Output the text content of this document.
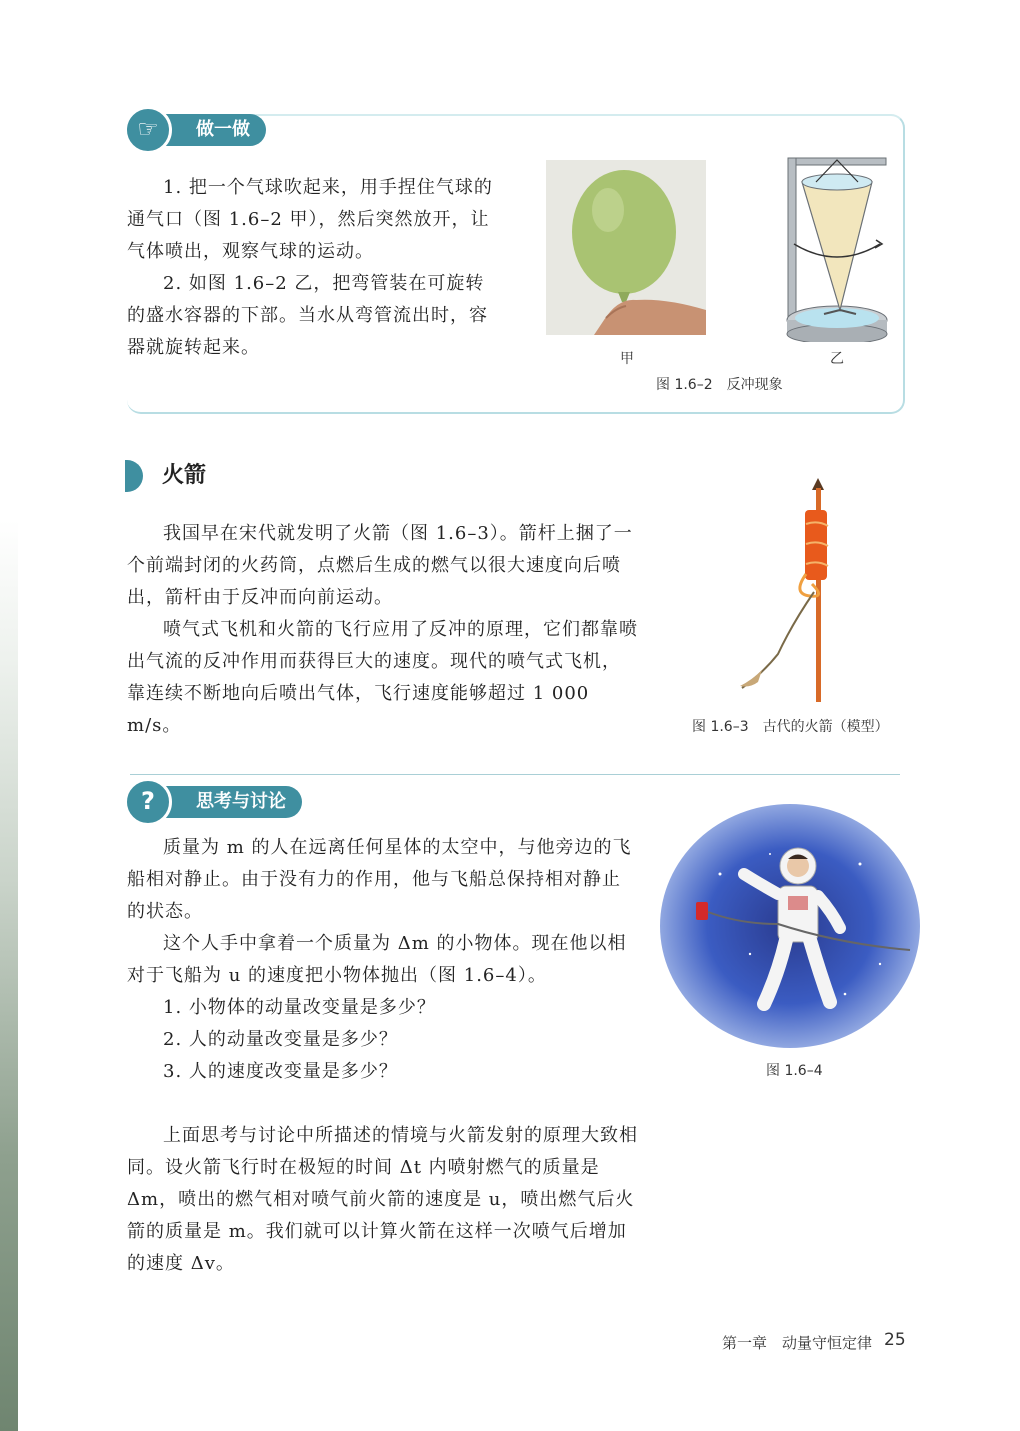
做一做
☞

1. 把一个气球吹起来，用手捏住气球的通气口（图 1.6–2 甲），然后突然放开，让气体喷出，观察气球的运动。

2. 如图 1.6–2 乙，把弯管装在可旋转的盛水容器的下部。当水从弯管流出时，容器就旋转起来。

甲	乙
图 1.6–2　反冲现象
火箭

我国早在宋代就发明了火箭（图 1.6–3）。箭杆上捆了一个前端封闭的火药筒，点燃后生成的燃气以很大速度向后喷出，箭杆由于反冲而向前运动。

喷气式飞机和火箭的飞行应用了反冲的原理，它们都靠喷出气流的反冲作用而获得巨大的速度。现代的喷气式飞机，靠连续不断地向后喷出气体，飞行速度能够超过 1 000 m/s。	图 1.6–3　古代的火箭（模型）
思考与讨论
?

质量为 m 的人在远离任何星体的太空中，与他旁边的飞船相对静止。由于没有力的作用，他与飞船总保持相对静止的状态。

这个人手中拿着一个质量为 Δm 的小物体。现在他以相对于飞船为 u 的速度把小物体抛出（图 1.6–4）。

1. 小物体的动量改变量是多少？

2. 人的动量改变量是多少？

3. 人的速度改变量是多少？	图 1.6–4

上面思考与讨论中所描述的情境与火箭发射的原理大致相同。设火箭飞行时在极短的时间 Δt 内喷射燃气的质量是 Δm，喷出的燃气相对喷气前火箭的速度是 u，喷出燃气后火箭的质量是 m。我们就可以计算火箭在这样一次喷气后增加的速度 Δv。

第一章　动量守恒定律 25
